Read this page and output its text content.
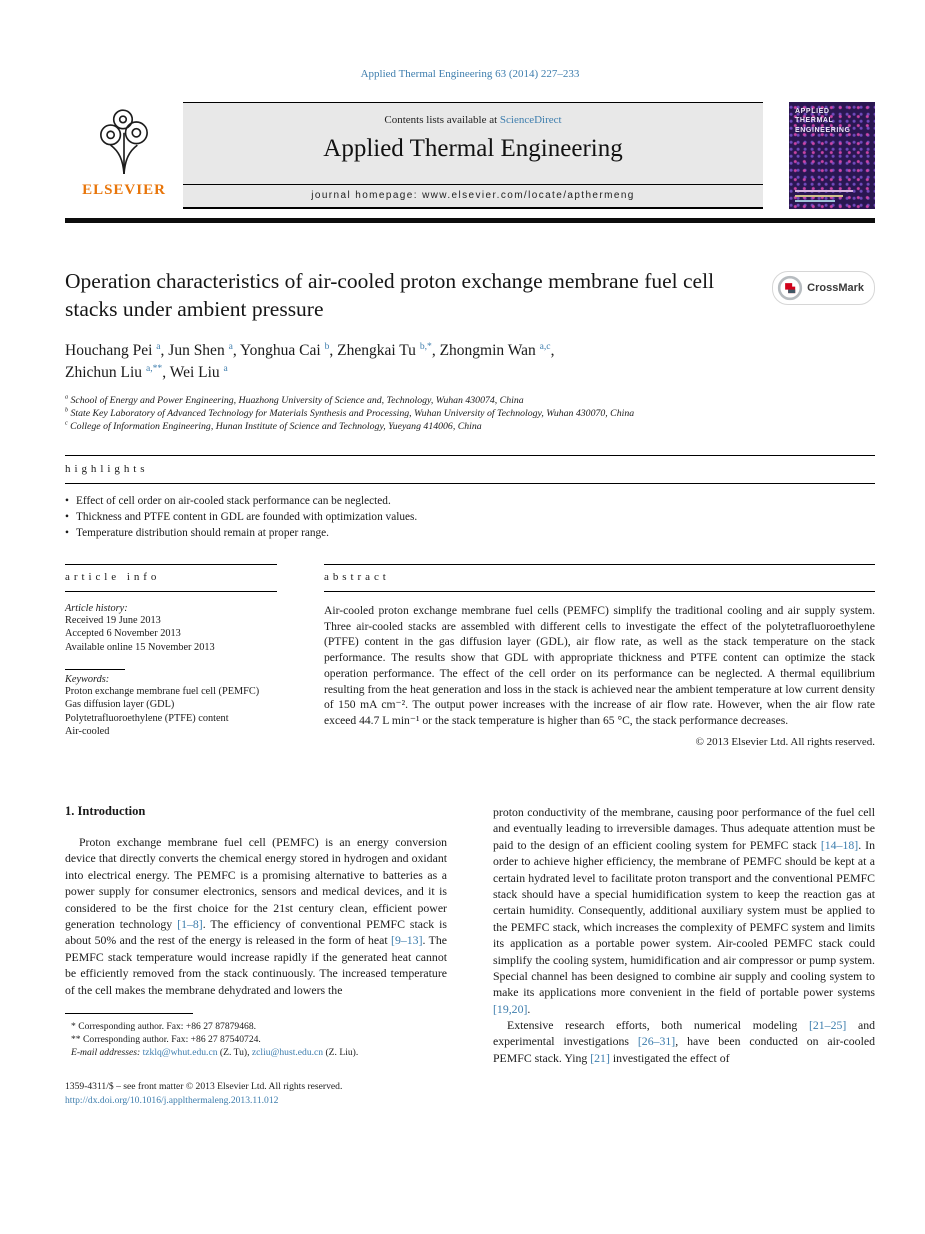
Applied Thermal Engineering 63 (2014) 227–233
ELSEVIER
Contents lists available at ScienceDirect
Applied Thermal Engineering
journal homepage: www.elsevier.com/locate/apthermeng
APPLIED
THERMAL
ENGINEERING
Operation characteristics of air-cooled proton exchange membrane fuel cell stacks under ambient pressure
CrossMark
Houchang Pei $^a$, Jun Shen $^a$, Yonghua Cai $^b$, Zhengkai Tu $^{b,*}$, Zhongmin Wan $^{a,c}$,
Zhichun Liu $^{a,**}$, Wei Liu $^a$
$^a$ School of Energy and Power Engineering, Huazhong University of Science and, Technology, Wuhan 430074, China
$^b$ State Key Laboratory of Advanced Technology for Materials Synthesis and Processing, Wuhan University of Technology, Wuhan 430070, China
$^c$ College of Information Engineering, Hunan Institute of Science and Technology, Yueyang 414006, China
h i g h l i g h t s
• Effect of cell order on air-cooled stack performance can be neglected.
• Thickness and PTFE content in GDL are founded with optimization values.
• Temperature distribution should remain at proper range.
a r t i c l e   i n f o
Article history:
Received 19 June 2013
Accepted 6 November 2013
Available online 15 November 2013
Keywords:
Proton exchange membrane fuel cell (PEMFC)
Gas diffusion layer (GDL)
Polytetrafluoroethylene (PTFE) content
Air-cooled
a b s t r a c t

Air-cooled proton exchange membrane fuel cells (PEMFC) simplify the traditional cooling and air supply system. Three air-cooled stacks are assembled with different cells to investigate the effect of the polytetrafluoroethylene (PTFE) content in the gas diffusion layer (GDL), air flow rate, as well as the stack temperature on the stack performance. The results show that GDL with appropriate thickness and PTFE content can optimize the stack operation performance. The effect of the cell order on its performance can be neglected. A thermal equilibrium resulting from the heat generation and loss in the stack is achieved near the ambient temperature at low current density of 150 mA cm⁻². The output power increases with the increase of air flow rate. However, when the air flow rate exceed 44.7 L min⁻¹ or the stack temperature is higher than 65 °C, the stack performance decreases.

© 2013 Elsevier Ltd. All rights reserved.
1. Introduction

Proton exchange membrane fuel cell (PEMFC) is an energy conversion device that directly converts the chemical energy stored in hydrogen and oxidant into electrical energy. The PEMFC is a promising alternative to batteries as a power supply for consumer electronics, sensors and medical devices, and it is considered to be the first choice for the 21st century clean, efficient power generation technology [1–8]. The efficiency of conventional PEMFC stack is about 50% and the rest of the energy is released in the form of heat [9–13]. The PEMFC stack temperature would increase rapidly if the generated heat cannot be efficiently removed from the stack continuously. The increased temperature of the cell makes the membrane dehydrated and lowers the

* Corresponding author. Fax: +86 27 87879468.
** Corresponding author. Fax: +86 27 87540724.
E-mail addresses: tzklq@whut.edu.cn (Z. Tu), zcliu@hust.edu.cn (Z. Liu).
1359-4311/$ – see front matter © 2013 Elsevier Ltd. All rights reserved.
http://dx.doi.org/10.1016/j.applthermaleng.2013.11.012

proton conductivity of the membrane, causing poor performance of the fuel cell and eventually leading to irreversible damages. Thus adequate attention must be paid to the design of an efficient cooling system for PEMFC stack [14–18]. In order to achieve higher efficiency, the membrane of PEMFC should be kept at a certain hydrated level to facilitate proton transport and the conventional PEMFC stack should have a special humidification system to keep the reaction gas at certain humidity. Consequently, additional auxiliary system must be applied to the PEMFC stack, which increases the complexity of PEMFC system and limits its application as a portable power system. Air-cooled PEMFC stack could simplify the cooling system, humidification and air compressor or pump system. Special channel has been designed to combine air supply and cooling system to make its applications more convenient in the field of portable power systems [19,20].

Extensive research efforts, both numerical modeling [21–25] and experimental investigations [26–31], have been conducted on air-cooled PEMFC stack. Ying [21] investigated the effect of
